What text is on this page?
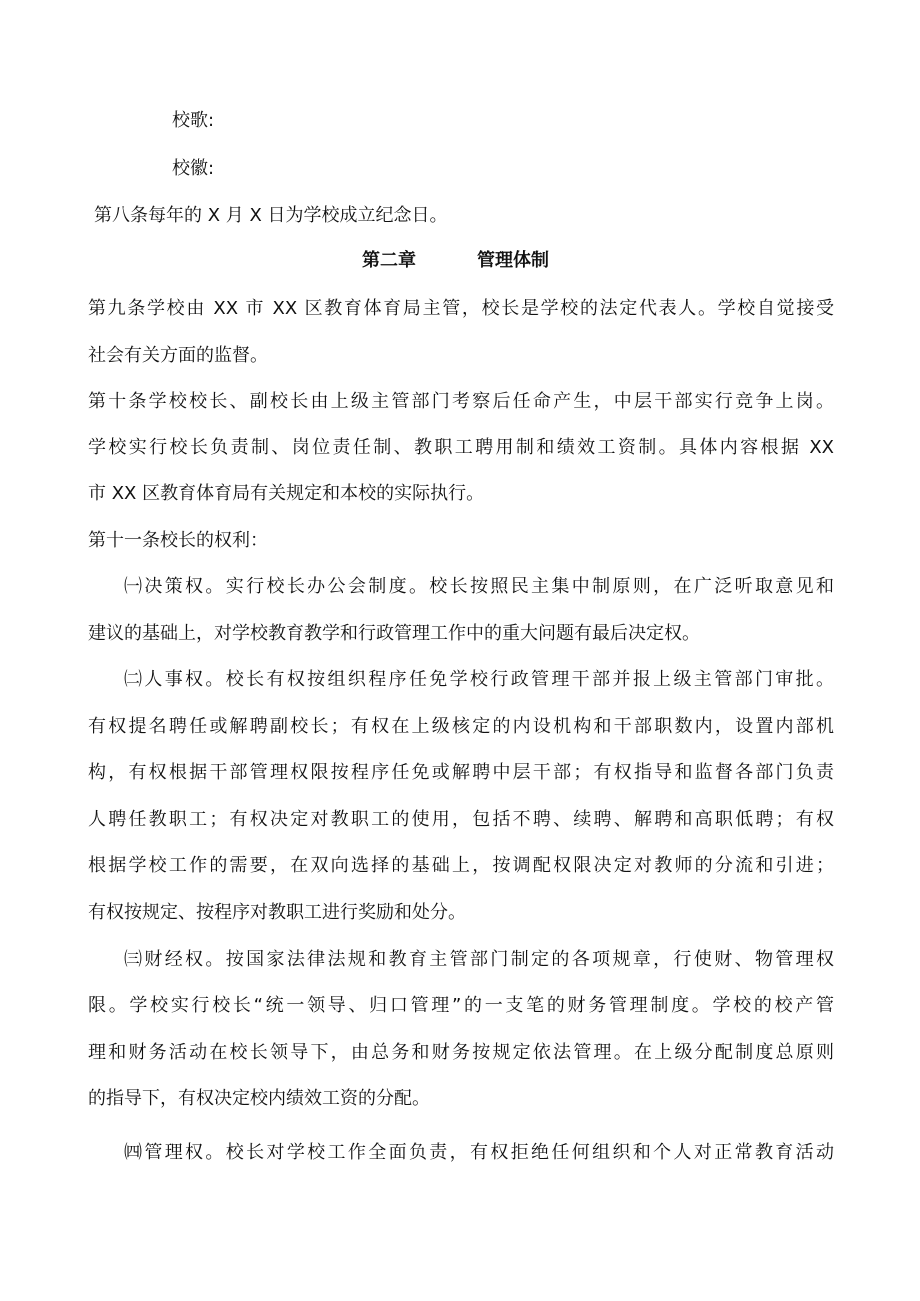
校歌:

校徽:

第八条每年的 X 月 X 日为学校成立纪念日。

第二章	管理体制

第九条学校由 XX 市 XX 区教育体育局主管，校长是学校的法定代表人。学校自觉接受

社会有关方面的监督。

第十条学校校长、副校长由上级主管部门考察后任命产生，中层干部实行竞争上岗。

学校实行校长负责制、岗位责任制、教职工聘用制和绩效工资制。具体内容根据 XX

市 XX 区教育体育局有关规定和本校的实际执行。

第十一条校长的权利：

㈠决策权。实行校长办公会制度。校长按照民主集中制原则，在广泛听取意见和

建议的基础上，对学校教育教学和行政管理工作中的重大问题有最后决定权。

㈡人事权。校长有权按组织程序任免学校行政管理干部并报上级主管部门审批。

有权提名聘任或解聘副校长；有权在上级核定的内设机构和干部职数内，设置内部机

构，有权根据干部管理权限按程序任免或解聘中层干部；有权指导和监督各部门负责

人聘任教职工；有权决定对教职工的使用，包括不聘、续聘、解聘和高职低聘；有权

根据学校工作的需要，在双向选择的基础上，按调配权限决定对教师的分流和引进；

有权按规定、按程序对教职工进行奖励和处分。

㈢财经权。按国家法律法规和教育主管部门制定的各项规章，行使财、物管理权

限。学校实行校长“统一领导、归口管理”的一支笔的财务管理制度。学校的校产管

理和财务活动在校长领导下，由总务和财务按规定依法管理。在上级分配制度总原则

的指导下，有权决定校内绩效工资的分配。

㈣管理权。校长对学校工作全面负责，有权拒绝任何组织和个人对正常教育活动
